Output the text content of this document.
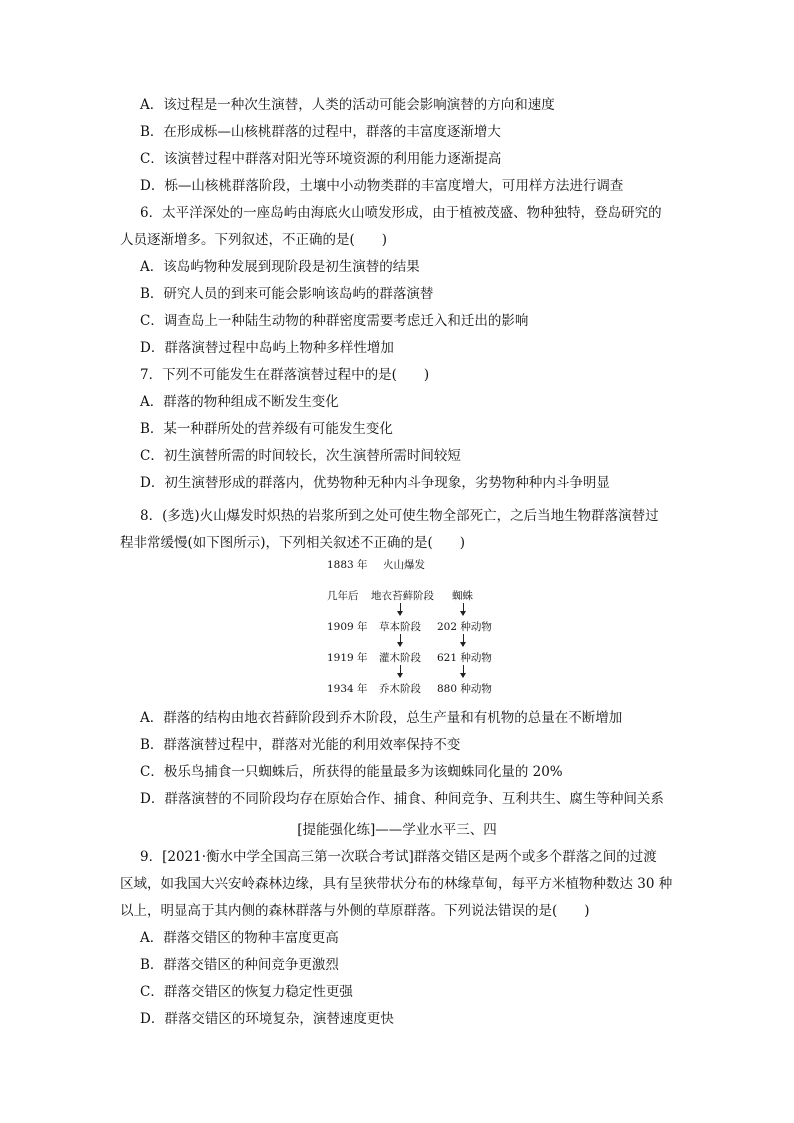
A．该过程是一种次生演替，人类的活动可能会影响演替的方向和速度
B．在形成栎—山核桃群落的过程中，群落的丰富度逐渐增大
C．该演替过程中群落对阳光等环境资源的利用能力逐渐提高
D．栎—山核桃群落阶段，土壤中小动物类群的丰富度增大，可用样方法进行调查
6．太平洋深处的一座岛屿由海底火山喷发形成，由于植被茂盛、物种独特，登岛研究的
人员逐渐增多。下列叙述，不正确的是(　　)
A．该岛屿物种发展到现阶段是初生演替的结果
B．研究人员的到来可能会影响该岛屿的群落演替
C．调查岛上一种陆生动物的种群密度需要考虑迁入和迁出的影响
D．群落演替过程中岛屿上物种多样性增加
7．下列不可能发生在群落演替过程中的是(　　)
A．群落的物种组成不断发生变化
B．某一种群所处的营养级有可能发生变化
C．初生演替所需的时间较长，次生演替所需时间较短
D．初生演替形成的群落内，优势物种无种内斗争现象，劣势物种种内斗争明显
8．(多选)火山爆发时炽热的岩浆所到之处可使生物全部死亡，之后当地生物群落演替过
程非常缓慢(如下图所示)，下列相关叙述不正确的是(　　)
1883 年 火山爆发
几年后 地衣苔藓阶段 蜘蛛
1909 年 草本阶段 202 种动物
1919 年 灌木阶段 621 种动物
1934 年 乔木阶段 880 种动物
A．群落的结构由地衣苔藓阶段到乔木阶段，总生产量和有机物的总量在不断增加
B．群落演替过程中，群落对光能的利用效率保持不变
C．极乐鸟捕食一只蜘蛛后，所获得的能量最多为该蜘蛛同化量的 20%
D．群落演替的不同阶段均存在原始合作、捕食、种间竞争、互利共生、腐生等种间关系
[提能强化练]——学业水平三、四
9．[2021·衡水中学全国高三第一次联合考试]群落交错区是两个或多个群落之间的过渡
区域，如我国大兴安岭森林边缘，具有呈狭带状分布的林缘草甸，每平方米植物种数达 30 种
以上，明显高于其内侧的森林群落与外侧的草原群落。下列说法错误的是(　　)
A．群落交错区的物种丰富度更高
B．群落交错区的种间竞争更激烈
C．群落交错区的恢复力稳定性更强
D．群落交错区的环境复杂，演替速度更快
